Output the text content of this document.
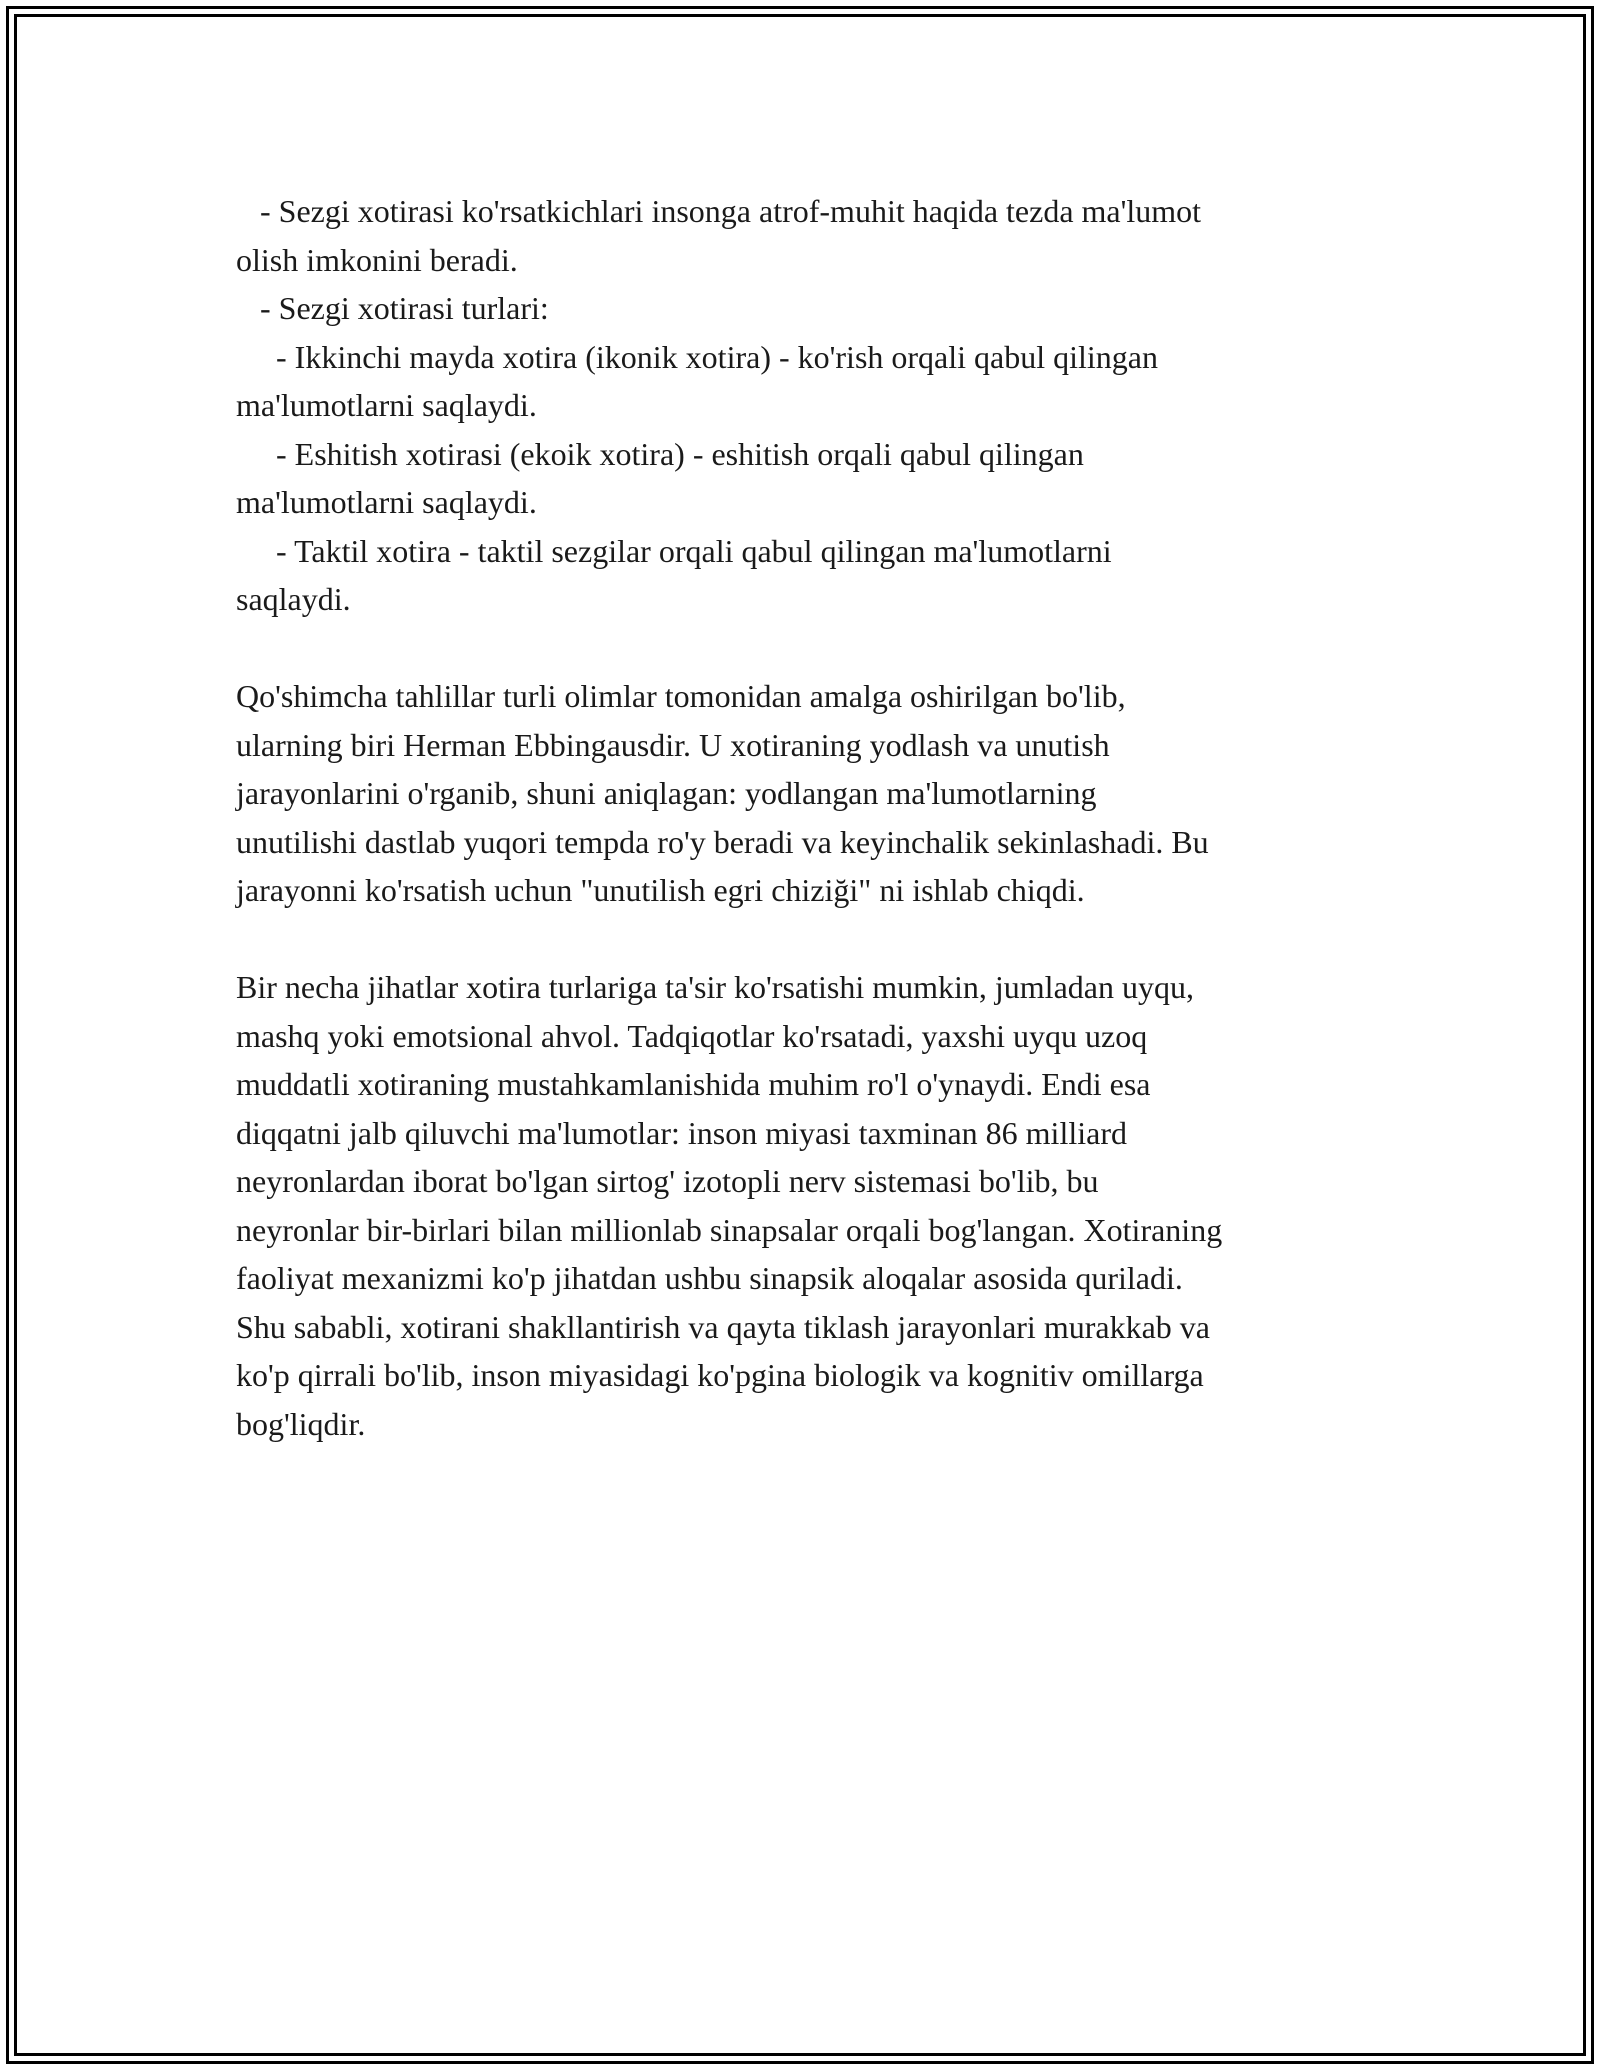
- Sezgi xotirasi ko'rsatkichlari insonga atrof-muhit haqida tezda ma'lumot
olish imkonini beradi.
- Sezgi xotirasi turlari:
- Ikkinchi mayda xotira (ikonik xotira) - ko'rish orqali qabul qilingan
ma'lumotlarni saqlaydi.
- Eshitish xotirasi (ekoik xotira) - eshitish orqali qabul qilingan
ma'lumotlarni saqlaydi.
- Taktil xotira - taktil sezgilar orqali qabul qilingan ma'lumotlarni
saqlaydi.
Qo'shimcha tahlillar turli olimlar tomonidan amalga oshirilgan bo'lib,
ularning biri Herman Ebbingausdir. U xotiraning yodlash va unutish
jarayonlarini o'rganib, shuni aniqlagan: yodlangan ma'lumotlarning
unutilishi dastlab yuqori tempda ro'y beradi va keyinchalik sekinlashadi. Bu
jarayonni ko'rsatish uchun "unutilish egri chiziği" ni ishlab chiqdi.
Bir necha jihatlar xotira turlariga ta'sir ko'rsatishi mumkin, jumladan uyqu,
mashq yoki emotsional ahvol. Tadqiqotlar ko'rsatadi, yaxshi uyqu uzoq
muddatli xotiraning mustahkamlanishida muhim ro'l o'ynaydi. Endi esa
diqqatni jalb qiluvchi ma'lumotlar: inson miyasi taxminan 86 milliard
neyronlardan iborat bo'lgan sirtog' izotopli nerv sistemasi bo'lib, bu
neyronlar bir-birlari bilan millionlab sinapsalar orqali bog'langan. Xotiraning
faoliyat mexanizmi ko'p jihatdan ushbu sinapsik aloqalar asosida quriladi.
Shu sababli, xotirani shakllantirish va qayta tiklash jarayonlari murakkab va
ko'p qirrali bo'lib, inson miyasidagi ko'pgina biologik va kognitiv omillarga
bog'liqdir.
